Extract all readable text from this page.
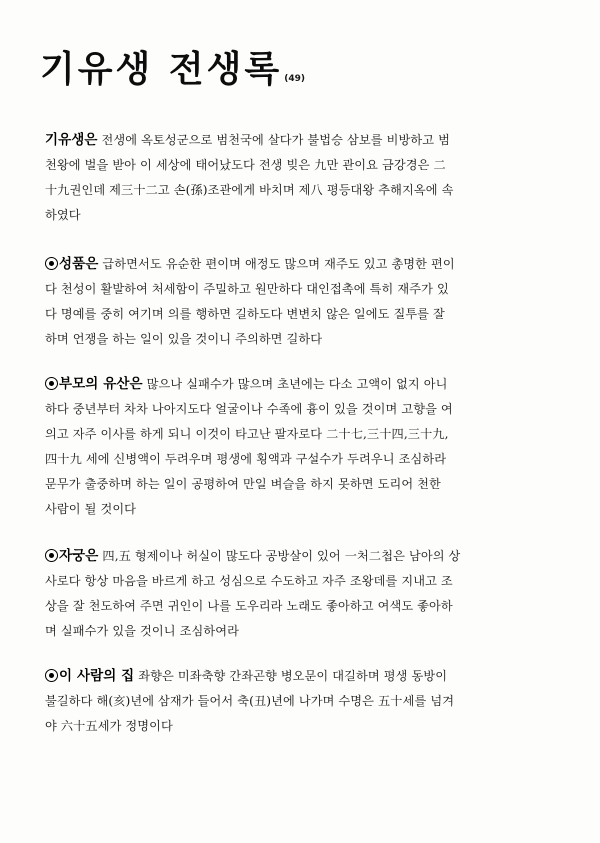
기유생 전생록 (49)
기유생은 전생에 옥토성군으로 범천국에 살다가 불법승 삼보를 비방하고 범
천왕에 벌을 받아 이 세상에 태어났도다 전생 빚은 九만 관이요 금강경은 二
十九권인데 제三十二고 손(孫)조관에게 바치며 제八 평등대왕 추해지옥에 속
하였다
성품은 급하면서도 유순한 편이며 애정도 많으며 재주도 있고 총명한 편이
다 천성이 활발하여 처세함이 주밀하고 원만하다 대인접촉에 특히 재주가 있
다 명예를 중히 여기며 의를 행하면 길하도다 변변치 않은 일에도 질투를 잘
하며 언쟁을 하는 일이 있을 것이니 주의하면 길하다
부모의 유산은 많으나 실패수가 많으며 초년에는 다소 고액이 없지 아니
하다 중년부터 차차 나아지도다 얼굴이나 수족에 흉이 있을 것이며 고향을 여
의고 자주 이사를 하게 되니 이것이 타고난 팔자로다 二十七,三十四,三十九,
四十九 세에 신병액이 두려우며 평생에 횡액과 구설수가 두려우니 조심하라
문무가 출중하며 하는 일이 공평하여 만일 벼슬을 하지 못하면 도리어 천한
사람이 될 것이다
자궁은 四,五 형제이나 허실이 많도다 공방살이 있어 一처二첩은 남아의 상
사로다 항상 마음을 바르게 하고 성심으로 수도하고 자주 조왕데를 지내고 조
상을 잘 천도하여 주면 귀인이 나를 도우리라 노래도 좋아하고 여색도 좋아하
며 실패수가 있을 것이니 조심하여라
이 사람의 집 좌향은 미좌축향 간좌곤향 병오문이 대길하며 평생 동방이
불길하다 해(亥)년에 삼재가 들어서 축(丑)년에 나가며 수명은 五十세를 넘겨
야 六十五세가 정명이다
